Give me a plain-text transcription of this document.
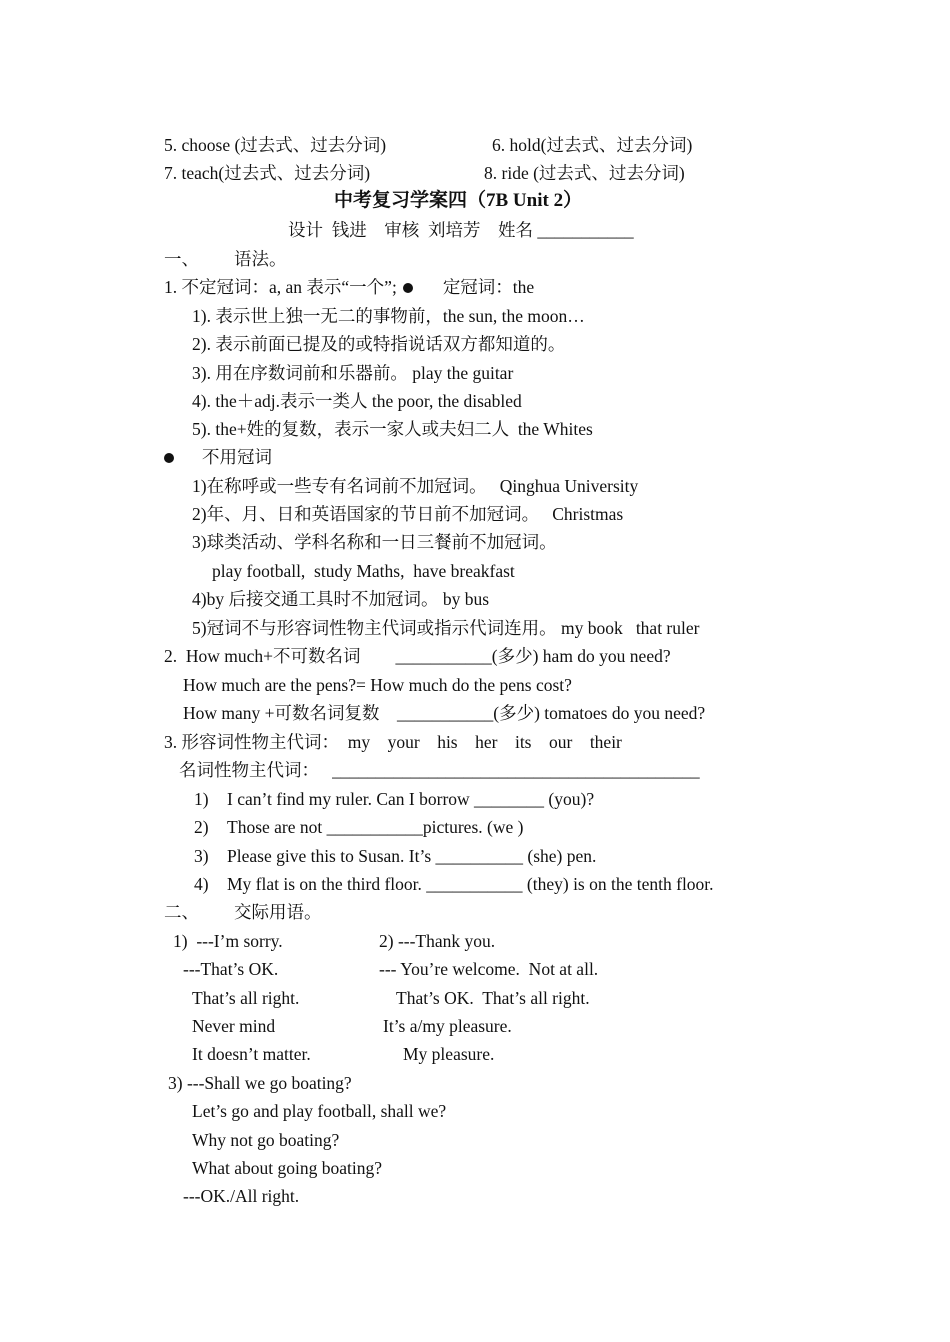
5. choose (过去式、过去分词)	6. hold(过去式、过去分词)
7. teach(过去式、过去分词)	8. ride (过去式、过去分词)
中考复习学案四（7B Unit 2）
设计  钱进    审核  刘培芳    姓名 ___________
一、        语法。
1. 不定冠词：a, an 表示“一个”;	定冠词：the
1). 表示世上独一无二的事物前，the sun, the moon…
2). 表示前面已提及的或特指说话双方都知道的。
3). 用在序数词前和乐器前。 play the guitar
4). the＋adj.表示一类人 the poor, the disabled
5). the+姓的复数，表示一家人或夫妇二人  the Whites
不用冠词
1)在称呼或一些专有名词前不加冠词。   Qinghua University
2)年、月、日和英语国家的节日前不加冠词。   Christmas
3)球类活动、学科名称和一日三餐前不加冠词。
play football,  study Maths,  have breakfast
4)by 后接交通工具时不加冠词。 by bus
5)冠词不与形容词性物主代词或指示代词连用。 my book   that ruler
2.  How much+不可数名词        ___________(多少) ham do you need?
How much are the pens?= How much do the pens cost?
How many +可数名词复数    ___________(多少) tomatoes do you need?
3. 形容词性物主代词：  my    your    his    her    its    our    their
名词性物主代词：   __________________________________________
1) I can’t find my ruler. Can I borrow ________ (you)?
2) Those are not ___________pictures. (we )
3) Please give this to Susan. It’s __________ (she) pen.
4) My flat is on the third floor. ___________ (they) is on the tenth floor.
二、        交际用语。
1)  ---I’m sorry.	2) ---Thank you.
---That’s OK.	--- You’re welcome.  Not at all.
That’s all right.	That’s OK.  That’s all right.
Never mind	It’s a/my pleasure.
It doesn’t matter.	My pleasure.
3) ---Shall we go boating?
Let’s go and play football, shall we?
Why not go boating?
What about going boating?
---OK./All right.
